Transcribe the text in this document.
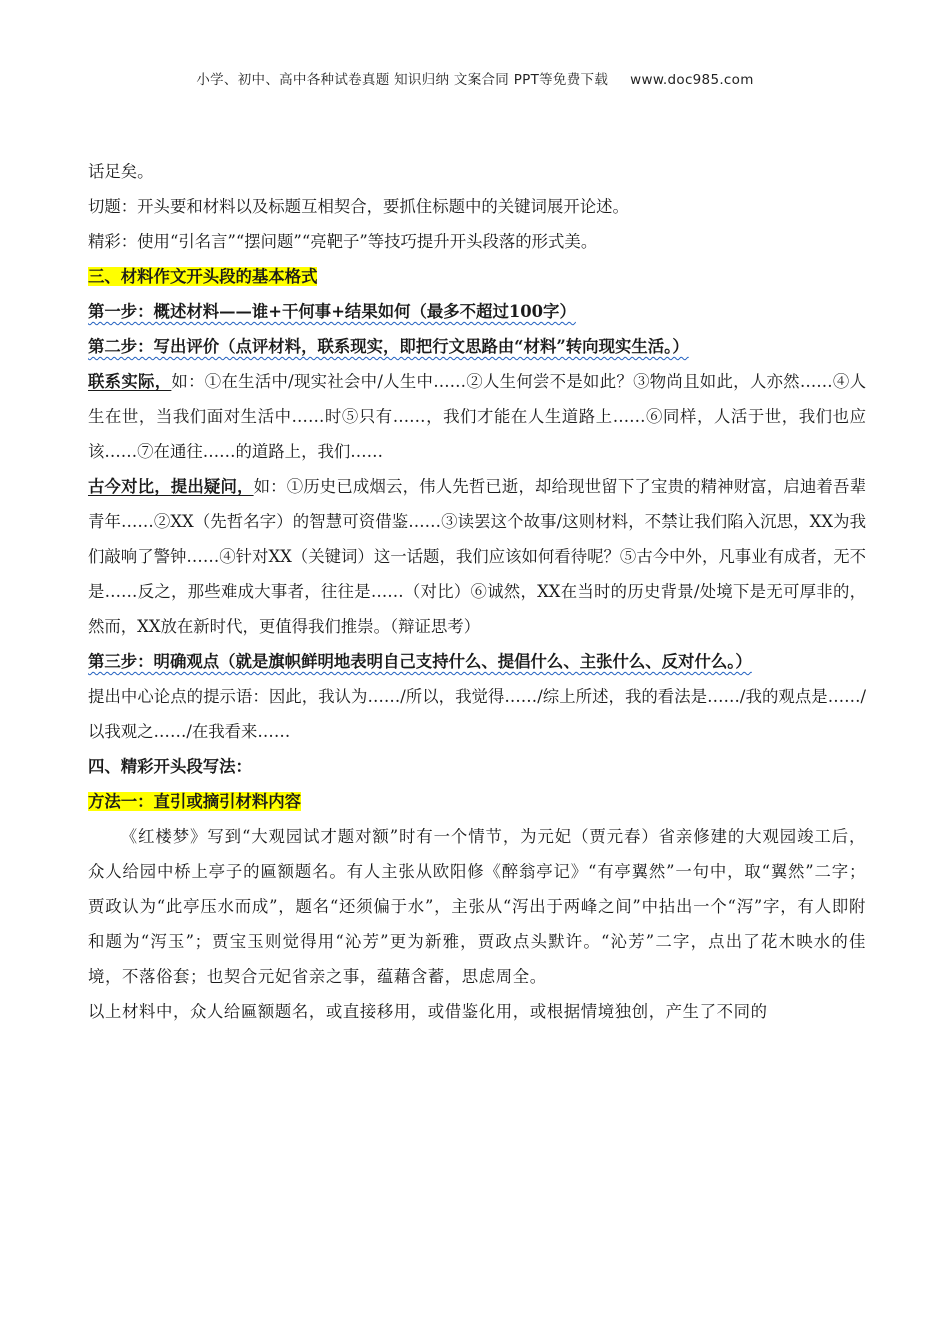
小学、初中、高中各种试卷真题 知识归纳 文案合同 PPT等免费下载 www.doc985.com
话足矣。
切题：开头要和材料以及标题互相契合，要抓住标题中的关键词展开论述。
精彩：使用“引名言”“摆问题”“亮靶子”等技巧提升开头段落的形式美。
三、材料作文开头段的基本格式
第一步：概述材料——谁+干何事+结果如何（最多不超过100字）
第二步：写出评价（点评材料，联系现实，即把行文思路由“材料”转向现实生活。）
联系实际，如：①在生活中/现实社会中/人生中……②人生何尝不是如此？③物尚且如此，人亦然……④人生在世，当我们面对生活中……时⑤只有……，我们才能在人生道路上……⑥同样，人活于世，我们也应该……⑦在通往……的道路上，我们……
古今对比，提出疑问，如：①历史已成烟云，伟人先哲已逝，却给现世留下了宝贵的精神财富，启迪着吾辈青年……②XX（先哲名字）的智慧可资借鉴……③读罢这个故事/这则材料，不禁让我们陷入沉思，XX为我们敲响了警钟……④针对XX（关键词）这一话题，我们应该如何看待呢？⑤古今中外，凡事业有成者，无不是……反之，那些难成大事者，往往是……（对比）⑥诚然，XX在当时的历史背景/处境下是无可厚非的，然而，XX放在新时代，更值得我们推崇。（辩证思考）
第三步：明确观点（就是旗帜鲜明地表明自己支持什么、提倡什么、主张什么、反对什么。）
提出中心论点的提示语：因此，我认为……/所以，我觉得……/综上所述，我的看法是……/我的观点是……/以我观之……/在我看来……
四、精彩开头段写法：
方法一：直引或摘引材料内容
《红楼梦》写到“大观园试才题对额”时有一个情节，为元妃（贾元春）省亲修建的大观园竣工后，众人给园中桥上亭子的匾额题名。有人主张从欧阳修《醉翁亭记》“有亭翼然”一句中，取“翼然”二字；贾政认为“此亭压水而成”，题名“还须偏于水”，主张从“泻出于两峰之间”中拈出一个“泻”字，有人即附和题为“泻玉”；贾宝玉则觉得用“沁芳”更为新雅，贾政点头默许。“沁芳”二字，点出了花木映水的佳境，不落俗套；也契合元妃省亲之事，蕴藉含蓄，思虑周全。
以上材料中，众人给匾额题名，或直接移用，或借鉴化用，或根据情境独创，产生了不同的
